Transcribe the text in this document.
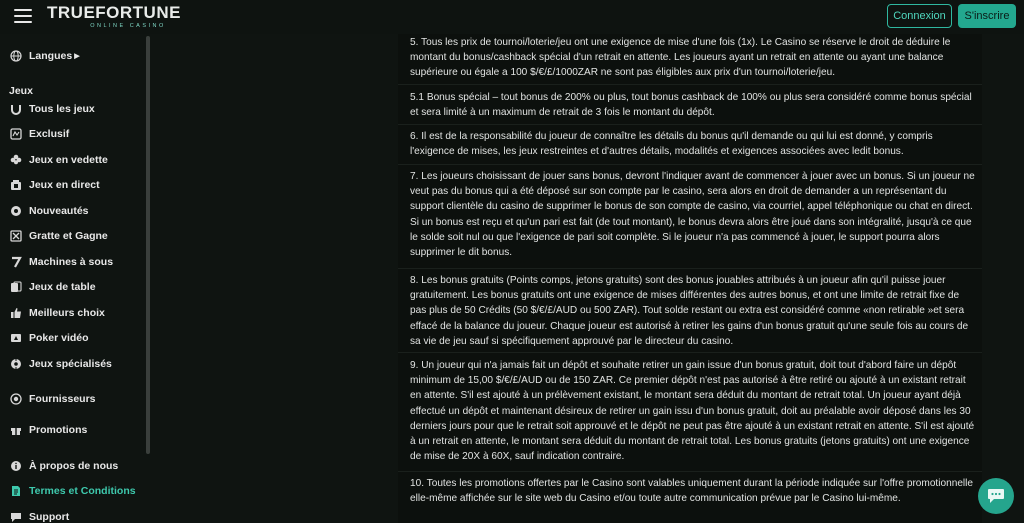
TRUEFORTUNE
ONLINE CASINO
Connexion	S'inscrire
Langues ▶
Jeux
Tous les jeux
Exclusif
Jeux en vedette
Jeux en direct
Nouveautés
Gratte et Gagne
Machines à sous
Jeux de table
Meilleurs choix
Poker vidéo
Jeux spécialisés
Fournisseurs
Promotions
À propos de nous
Termes et Conditions
Support
5. Tous les prix de tournoi/loterie/jeu ont une exigence de mise d'une fois (1x). Le Casino se réserve le droit de déduire le montant du bonus/cashback spécial d'un retrait en attente. Les joueurs ayant un retrait en attente ou ayant une balance supérieure ou égale a 100 $/€/£/1000ZAR ne sont pas éligibles aux prix d'un tournoi/loterie/jeu.
5.1 Bonus spécial – tout bonus de 200% ou plus, tout bonus cashback de 100% ou plus sera considéré comme bonus spécial et sera limité à un maximum de retrait de 3 fois le montant du dépôt.
6. Il est de la responsabilité du joueur de connaître les détails du bonus qu'il demande ou qui lui est donné, y compris l'exigence de mises, les jeux restreintes et d'autres détails, modalités et exigences associées avec ledit bonus.
7. Les joueurs choisissant de jouer sans bonus, devront l'indiquer avant de commencer à jouer avec un bonus. Si un joueur ne veut pas du bonus qui a été déposé sur son compte par le casino, sera alors en droit de demander a un représentant du support clientèle du casino de supprimer le bonus de son compte de casino, via courriel, appel téléphonique ou chat en direct. Si un bonus est reçu et qu'un pari est fait (de tout montant), le bonus devra alors être joué dans son intégralité, jusqu'à ce que le solde soit nul ou que l'exigence de pari soit complète. Si le joueur n'a pas commencé à jouer, le support pourra alors supprimer le dit bonus.
8. Les bonus gratuits (Points comps, jetons gratuits) sont des bonus jouables attribués à un joueur afin qu'il puisse jouer gratuitement. Les bonus gratuits ont une exigence de mises différentes des autres bonus, et ont une limite de retrait fixe de pas plus de 50 Crédits (50 $/€/£/AUD ou 500 ZAR). Tout solde restant ou extra est considéré comme «non retirable »et sera effacé de la balance du joueur. Chaque joueur est autorisé à retirer les gains d'un bonus gratuit qu'une seule fois au cours de sa vie de jeu sauf si spécifiquement approuvé par le directeur du casino.
9. Un joueur qui n'a jamais fait un dépôt et souhaite retirer un gain issue d'un bonus gratuit, doit tout d'abord faire un dépôt minimum de 15,00 $/€/£/AUD ou de 150 ZAR. Ce premier dépôt n'est pas autorisé à être retiré ou ajouté à un existant retrait en attente. S'il est ajouté à un prélèvement existant, le montant sera déduit du montant de retrait total. Un joueur ayant déjà effectué un dépôt et maintenant désireux de retirer un gain issu d'un bonus gratuit, doit au préalable avoir déposé dans les 30 derniers jours pour que le retrait soit approuvé et le dépôt ne peut pas être ajouté à un existant retrait en attente. S'il est ajouté à un retrait en attente, le montant sera déduit du montant de retrait total. Les bonus gratuits (jetons gratuits) ont une exigence de mise de 20X à 60X, sauf indication contraire.
10. Toutes les promotions offertes par le Casino sont valables uniquement durant la période indiquée sur l'offre promotionnelle elle-même affichée sur le site web du Casino et/ou toute autre communication prévue par le Casino lui-même.
